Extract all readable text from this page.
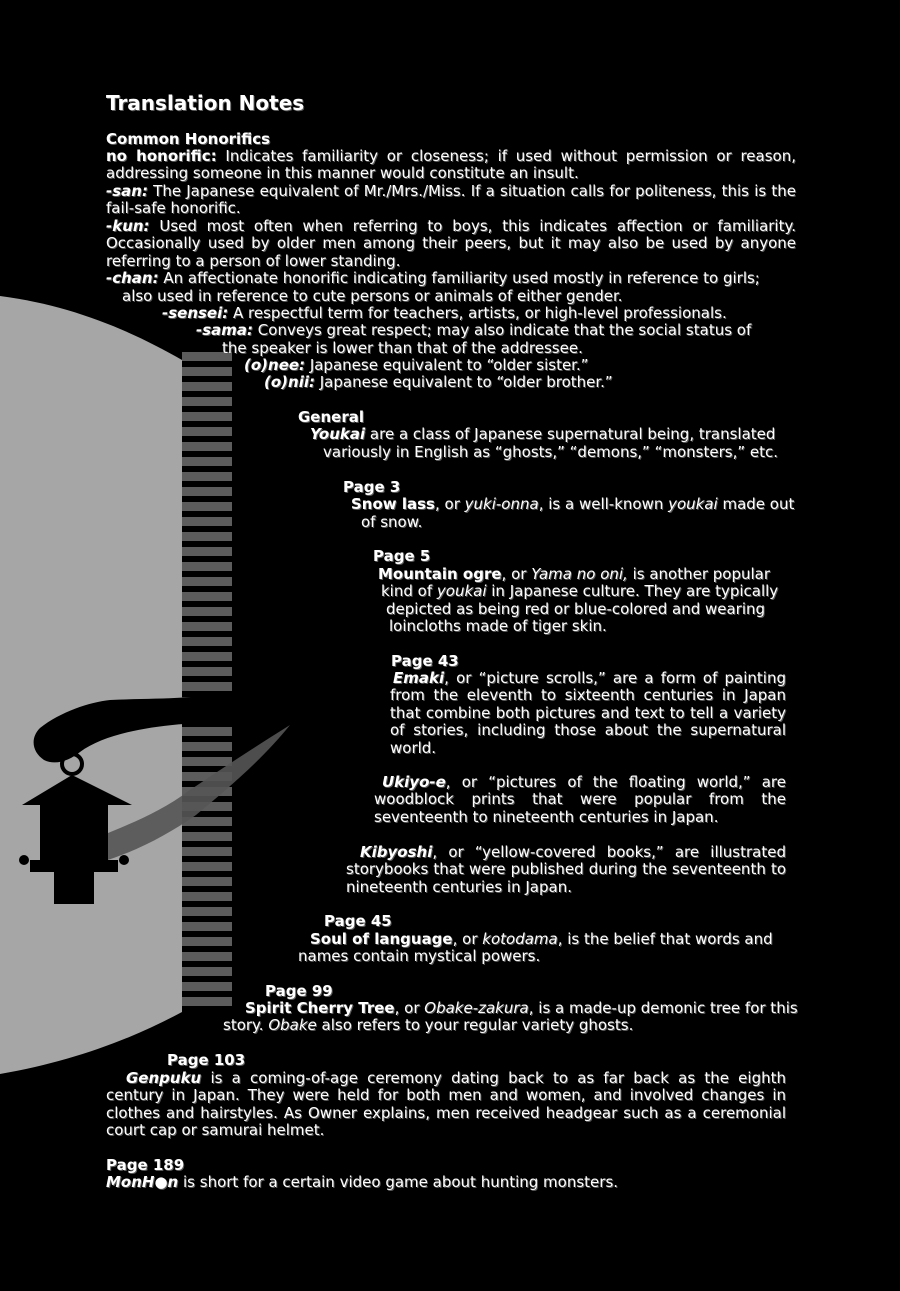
Translation Notes
Common Honorifics
no honorific: Indicates familiarity or closeness; if used without permission or reason, addressing someone in this manner would constitute an insult.
-san: The Japanese equivalent of Mr./Mrs./Miss. If a situation calls for politeness, this is the fail-safe honorific.
-kun: Used most often when referring to boys, this indicates affection or familiarity. Occasionally used by older men among their peers, but it may also be used by anyone referring to a person of lower standing.
-chan: An affectionate honorific indicating familiarity used mostly in reference to girls;
also used in reference to cute persons or animals of either gender.
-sensei: A respectful term for teachers, artists, or high-level professionals.
-sama: Conveys great respect; may also indicate that the social status of
the speaker is lower than that of the addressee.
(o)nee: Japanese equivalent to “older sister.”
(o)nii: Japanese equivalent to “older brother.”
General
Youkai are a class of Japanese supernatural being, translated
variously in English as “ghosts,” “demons,” “monsters,” etc.
Page 3
Snow lass, or yuki-onna, is a well-known youkai made out
of snow.
Page 5
Mountain ogre, or Yama no oni, is another popular
kind of youkai in Japanese culture. They are typically
depicted as being red or blue-colored and wearing
loincloths made of tiger skin.
Page 43
Emaki, or “picture scrolls,” are a form of painting from the eleventh to sixteenth centuries in Japan that combine both pictures and text to tell a variety of stories, including those about the supernatural world.
Ukiyo-e, or “pictures of the floating world,” are woodblock prints that were popular from the seventeenth to nineteenth centuries in Japan.
Kibyoshi, or “yellow-covered books,” are illustrated storybooks that were published during the seventeenth to nineteenth centuries in Japan.
Page 45
Soul of language, or kotodama, is the belief that words and
names contain mystical powers.
Page 99
Spirit Cherry Tree, or Obake-zakura, is a made-up demonic tree for this
story. Obake also refers to your regular variety ghosts.
Page 103
Genpuku is a coming-of-age ceremony dating back to as far back as the eighth century in Japan. They were held for both men and women, and involved changes in clothes and hairstyles. As Owner explains, men received headgear such as a ceremonial court cap or samurai helmet.
Page 189
MonH●n is short for a certain video game about hunting monsters.
